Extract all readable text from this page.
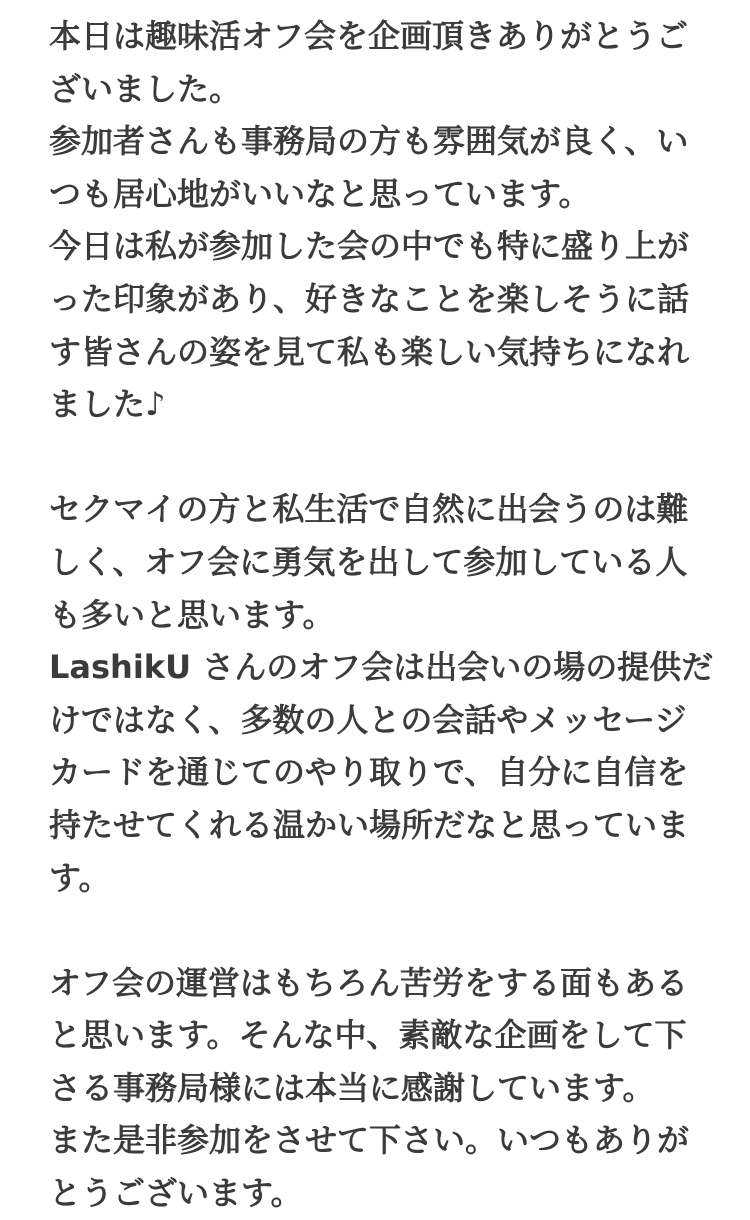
本日は趣味活オフ会を企画頂きありがとうご
ざいました。
参加者さんも事務局の方も雰囲気が良く、い
つも居心地がいいなと思っています。
今日は私が参加した会の中でも特に盛り上が
った印象があり、好きなことを楽しそうに話
す皆さんの姿を見て私も楽しい気持ちになれ
ました♪
セクマイの方と私生活で自然に出会うのは難
しく、オフ会に勇気を出して参加している人
も多いと思います。
LashikU さんのオフ会は出会いの場の提供だ
けではなく、多数の人との会話やメッセージ
カードを通じてのやり取りで、自分に自信を
持たせてくれる温かい場所だなと思っていま
す。
オフ会の運営はもちろん苦労をする面もある
と思います。そんな中、素敵な企画をして下
さる事務局様には本当に感謝しています。
また是非参加をさせて下さい。いつもありが
とうございます。
